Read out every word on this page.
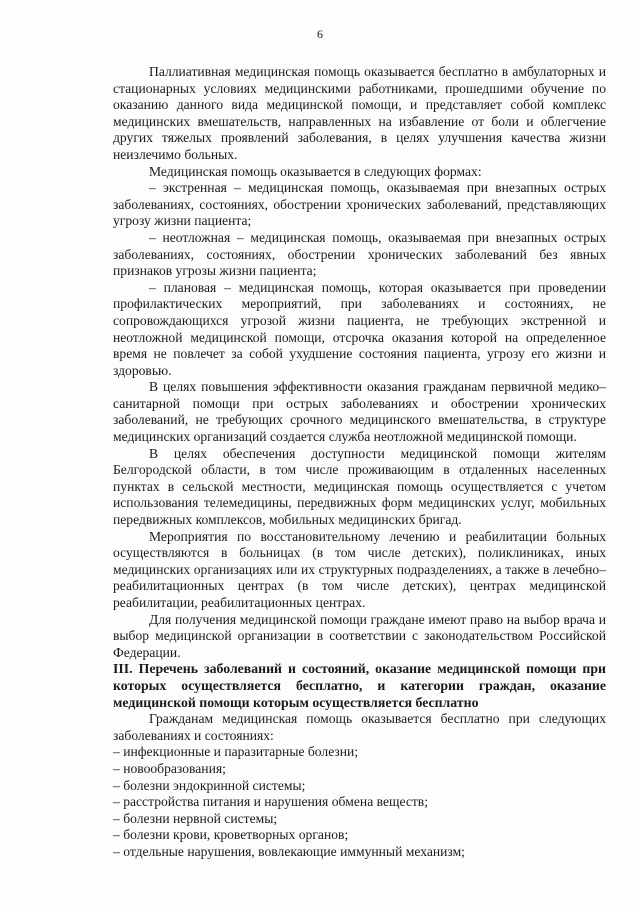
6

Паллиативная медицинская помощь оказывается бесплатно в амбулаторных и стационарных условиях медицинскими работниками, прошедшими обучение по оказанию данного вида медицинской помощи, и представляет собой комплекс медицинских вмешательств, направленных на избавление от боли и облегчение других тяжелых проявлений заболевания, в целях улучшения качества жизни неизлечимо больных.

Медицинская помощь оказывается в следующих формах:

– экстренная – медицинская помощь, оказываемая при внезапных острых заболеваниях, состояниях, обострении хронических заболеваний, представляющих угрозу жизни пациента;

– неотложная – медицинская помощь, оказываемая при внезапных острых заболеваниях, состояниях, обострении хронических заболеваний без явных признаков угрозы жизни пациента;

– плановая – медицинская помощь, которая оказывается при проведении профилактических мероприятий, при заболеваниях и состояниях, не сопровождающихся угрозой жизни пациента, не требующих экстренной и неотложной медицинской помощи, отсрочка оказания которой на определенное время не повлечет за собой ухудшение состояния пациента, угрозу его жизни и здоровью.

В целях повышения эффективности оказания гражданам первичной медико–санитарной помощи при острых заболеваниях и обострении хронических заболеваний, не требующих срочного медицинского вмешательства, в структуре медицинских организаций создается служба неотложной медицинской помощи.

В целях обеспечения доступности медицинской помощи жителям Белгородской области, в том числе проживающим в отдаленных населенных пунктах в сельской местности, медицинская помощь осуществляется с учетом использования телемедицины, передвижных форм медицинских услуг, мобильных передвижных комплексов, мобильных медицинских бригад.

Мероприятия по восстановительному лечению и реабилитации больных осуществляются в больницах (в том числе детских), поликлиниках, иных медицинских организациях или их структурных подразделениях, а также в лечебно–реабилитационных центрах (в том числе детских), центрах медицинской реабилитации, реабилитационных центрах.

Для получения медицинской помощи граждане имеют право на выбор врача и выбор медицинской организации в соответствии с законодательством Российской Федерации.

III. Перечень заболеваний и состояний, оказание медицинской помощи при которых осуществляется бесплатно, и категории граждан, оказание медицинской помощи которым осуществляется бесплатно

Гражданам медицинская помощь оказывается бесплатно при следующих заболеваниях и состояниях:

– инфекционные и паразитарные болезни;

– новообразования;

– болезни эндокринной системы;

– расстройства питания и нарушения обмена веществ;

– болезни нервной системы;

– болезни крови, кроветворных органов;

– отдельные нарушения, вовлекающие иммунный механизм;
